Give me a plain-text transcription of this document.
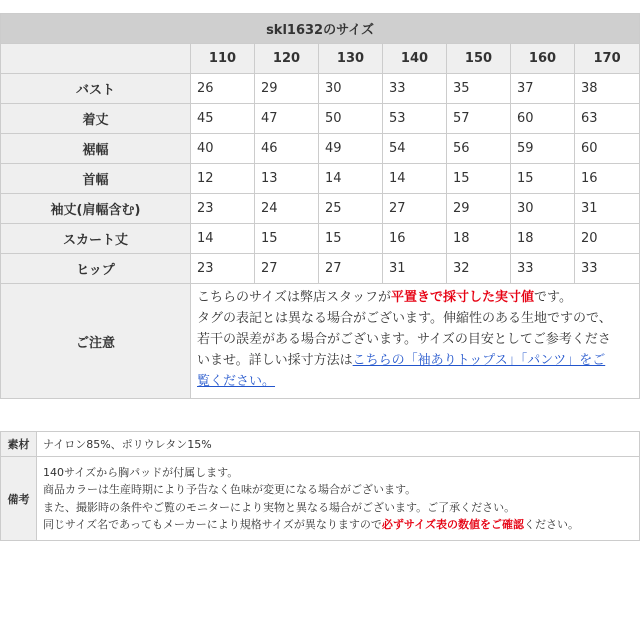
skl1632のサイズ							
	110	120	130	140	150	160	170
バスト	26	29	30	33	35	37	38
着丈	45	47	50	53	57	60	63
裾幅	40	46	49	54	56	59	60
首幅	12	13	14	14	15	15	16
袖丈(肩幅含む)	23	24	25	27	29	30	31
スカート丈	14	15	15	16	18	18	20
ヒップ	23	27	27	31	32	33	33
ご注意	こちらのサイズは弊店スタッフが平置きで採寸した実寸値です。
タグの表記とは異なる場合がございます。伸縮性のある生地ですので、
若干の誤差がある場合がございます。サイズの目安としてご参考くださ
いませ。詳しい採寸方法はこちらの「袖ありトップス」「パンツ」をご
覧ください。						
素材	ナイロン85%、ポリウレタン15%
備考	140サイズから胸パッドが付属します。
商品カラーは生産時期により予告なく色味が変更になる場合がございます。
また、撮影時の条件やご覧のモニターにより実物と異なる場合がございます。ご了承ください。
同じサイズ名であってもメーカーにより規格サイズが異なりますので必ずサイズ表の数値をご確認ください。
